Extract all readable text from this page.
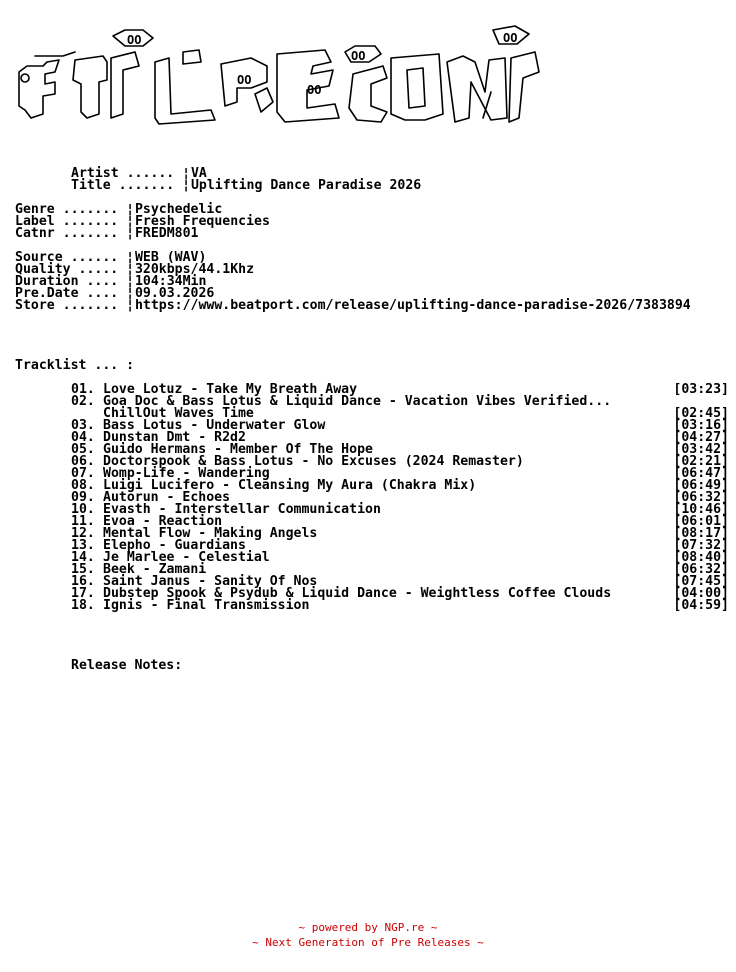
OO
OO
OO
OO
OO
Artist ...... ¦ VA
Title ....... ¦ Uplifting Dance Paradise 2026
Genre ....... ¦ Psychedelic
Label ....... ¦ Fresh Frequencies
Catnr ....... ¦ FREDM801
Source ...... ¦ WEB (WAV)
Quality ..... ¦ 320kbps/44.1Khz
Duration .... ¦ 104:34Min
Pre.Date .... ¦ 09.03.2026
Store ....... ¦ https://www.beatport.com/release/uplifting-dance-paradise-2026/7383894
Tracklist ... :
01. Love Lotuz - Take My Breath Away	[03:23]
02. Goa Doc & Bass Lotus & Liquid Dance - Vacation Vibes Verified...
ChillOut Waves Time	[02:45]
03. Bass Lotus - Underwater Glow	[03:16]
04. Dunstan Dmt - R2d2	[04:27]
05. Guido Hermans - Member Of The Hope	[03:42]
06. Doctorspook & Bass Lotus - No Excuses (2024 Remaster)	[02:21]
07. Womp-Life - Wandering	[06:47]
08. Luigi Lucifero - Cleansing My Aura (Chakra Mix)	[06:49]
09. Autorun - Echoes	[06:32]
10. Evasth - Interstellar Communication	[10:46]
11. Evoa - Reaction	[06:01]
12. Mental Flow - Making Angels	[08:17]
13. Elepho - Guardians	[07:32]
14. Je Marlee - Celestial	[08:40]
15. Beek - Zamani	[06:32]
16. Saint Janus - Sanity Of Nos	[07:45]
17. Dubstep Spook & Psydub & Liquid Dance - Weightless Coffee Clouds	[04:00]
18. Ignis - Final Transmission	[04:59]
Release Notes:
~ powered by NGP.re ~
~ Next Generation of Pre Releases ~
